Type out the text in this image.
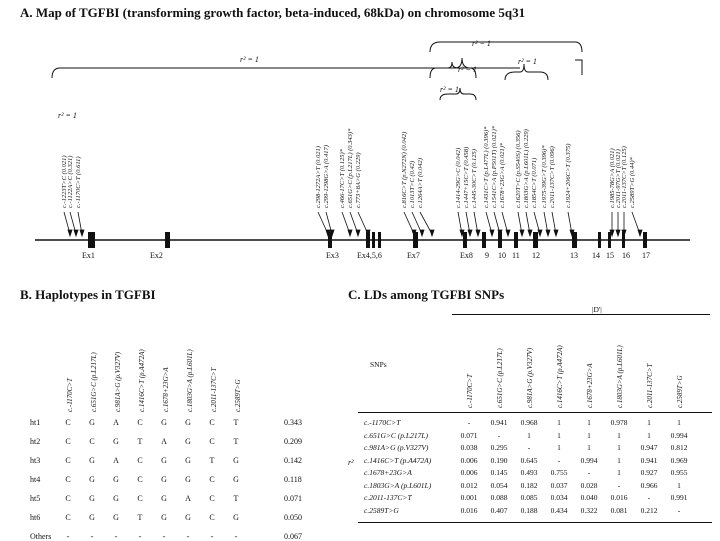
A. Map of TGFBI (transforming growth factor, beta-induced, 68kDa) on chromosome 5q31
r² = 1
r² = 1
r² = 1
r² = 1
r² = 1
r² = 1
c.-1223T>C (0.021) c.-1122A>C (0.321) c.-1170C>T (0.611)	c.298-1272A>T (0.021) c.299-1298G>A (0.417) c.466-17C>T (0.125)* c.651G>C (p.L217L) (0.343)* c.773+8A>G (0.229)	c.816C>T (p.N272N) (0.042) c.1013T>C (0.42) c.1264A>T (0.042)	c.1414-29G>C (0.042) c.1447+15C>T (0.458) c.1445-30C>T (0.125) c.1431C>T (p.L477L) (0.396)* c.1541C>A (p.P501T) (0.021)* c.1678+23G>A (0.021)* c.1620T>C (p.S540S) (0.356) c.1803G>A (p.L601L) (0.229) c.1854C>T (0.071) c.1975-39G>T (0.396)* c.2011-137C>T (0.096) c.1924+206C>T (0.375)	c.1985-78G>A (0.021) c.2011-97G>T (0.021) c.2011-137C>T (0.125) c.2589T>G (0.44)*
Ex1	Ex2	Ex3 Ex4,5,6	Ex7	Ex8 9 10 11 12	13 14 15 16 17
B. Haplotypes in TGFBI
c.-1170C>T c.651G>C (p.L217L) c.981A>G (p.V327V) c.1416C>T (p.A472A) c.1678+23G>A c.1803G>A (p.L601L) c.2011-137C>T c.2589T>G
ht1	C	G	A	C	G	G	C	T	0.343
ht2	C	C	G	T	A	G	C	T	0.209
ht3	C	G	A	C	G	G	T	G	0.142
ht4	C	G	G	C	G	G	C	G	0.118
ht5	C	G	G	C	G	A	C	T	0.071
ht6	C	G	G	T	G	G	C	G	0.050
Others	-	-	-	-	-	-	-	-	0.067
C. LDs among TGFBI SNPs
|D'|
SNPs
r²
c.-1170C>T	c.651G>C (p.L217L)	c.981A>G (p.V327V)	c.1416C>T (p.A472A)	c.1678+23G>A	c.1803G>A (p.L601L)	c.2011-137C>T	c.2589T>G
c.-1170C>T	-	0.941	0.968	1	1	0.978	1	1
c.651G>C (p.L217L)	0.071	-	1	1	1	1	1	0.994
c.981A>G (p.V327V)	0.038	0.295	-	1	1	1	0.947	0.812
c.1416C>T (p.A472A)	0.006	0.190	0.645	-	0.994	1	0.941	0.969
c.1678+23G>A	0.006	0.145	0.493	0.755	-	1	0.927	0.955
c.1803G>A (p.L601L)	0.012	0.054	0.182	0.037	0.028	-	0.966	1
c.2011-137C>T	0.001	0.088	0.085	0.034	0.040	0.016	-	0.991
c.2589T>G	0.016	0.407	0.188	0.434	0.322	0.081	0.212	-
